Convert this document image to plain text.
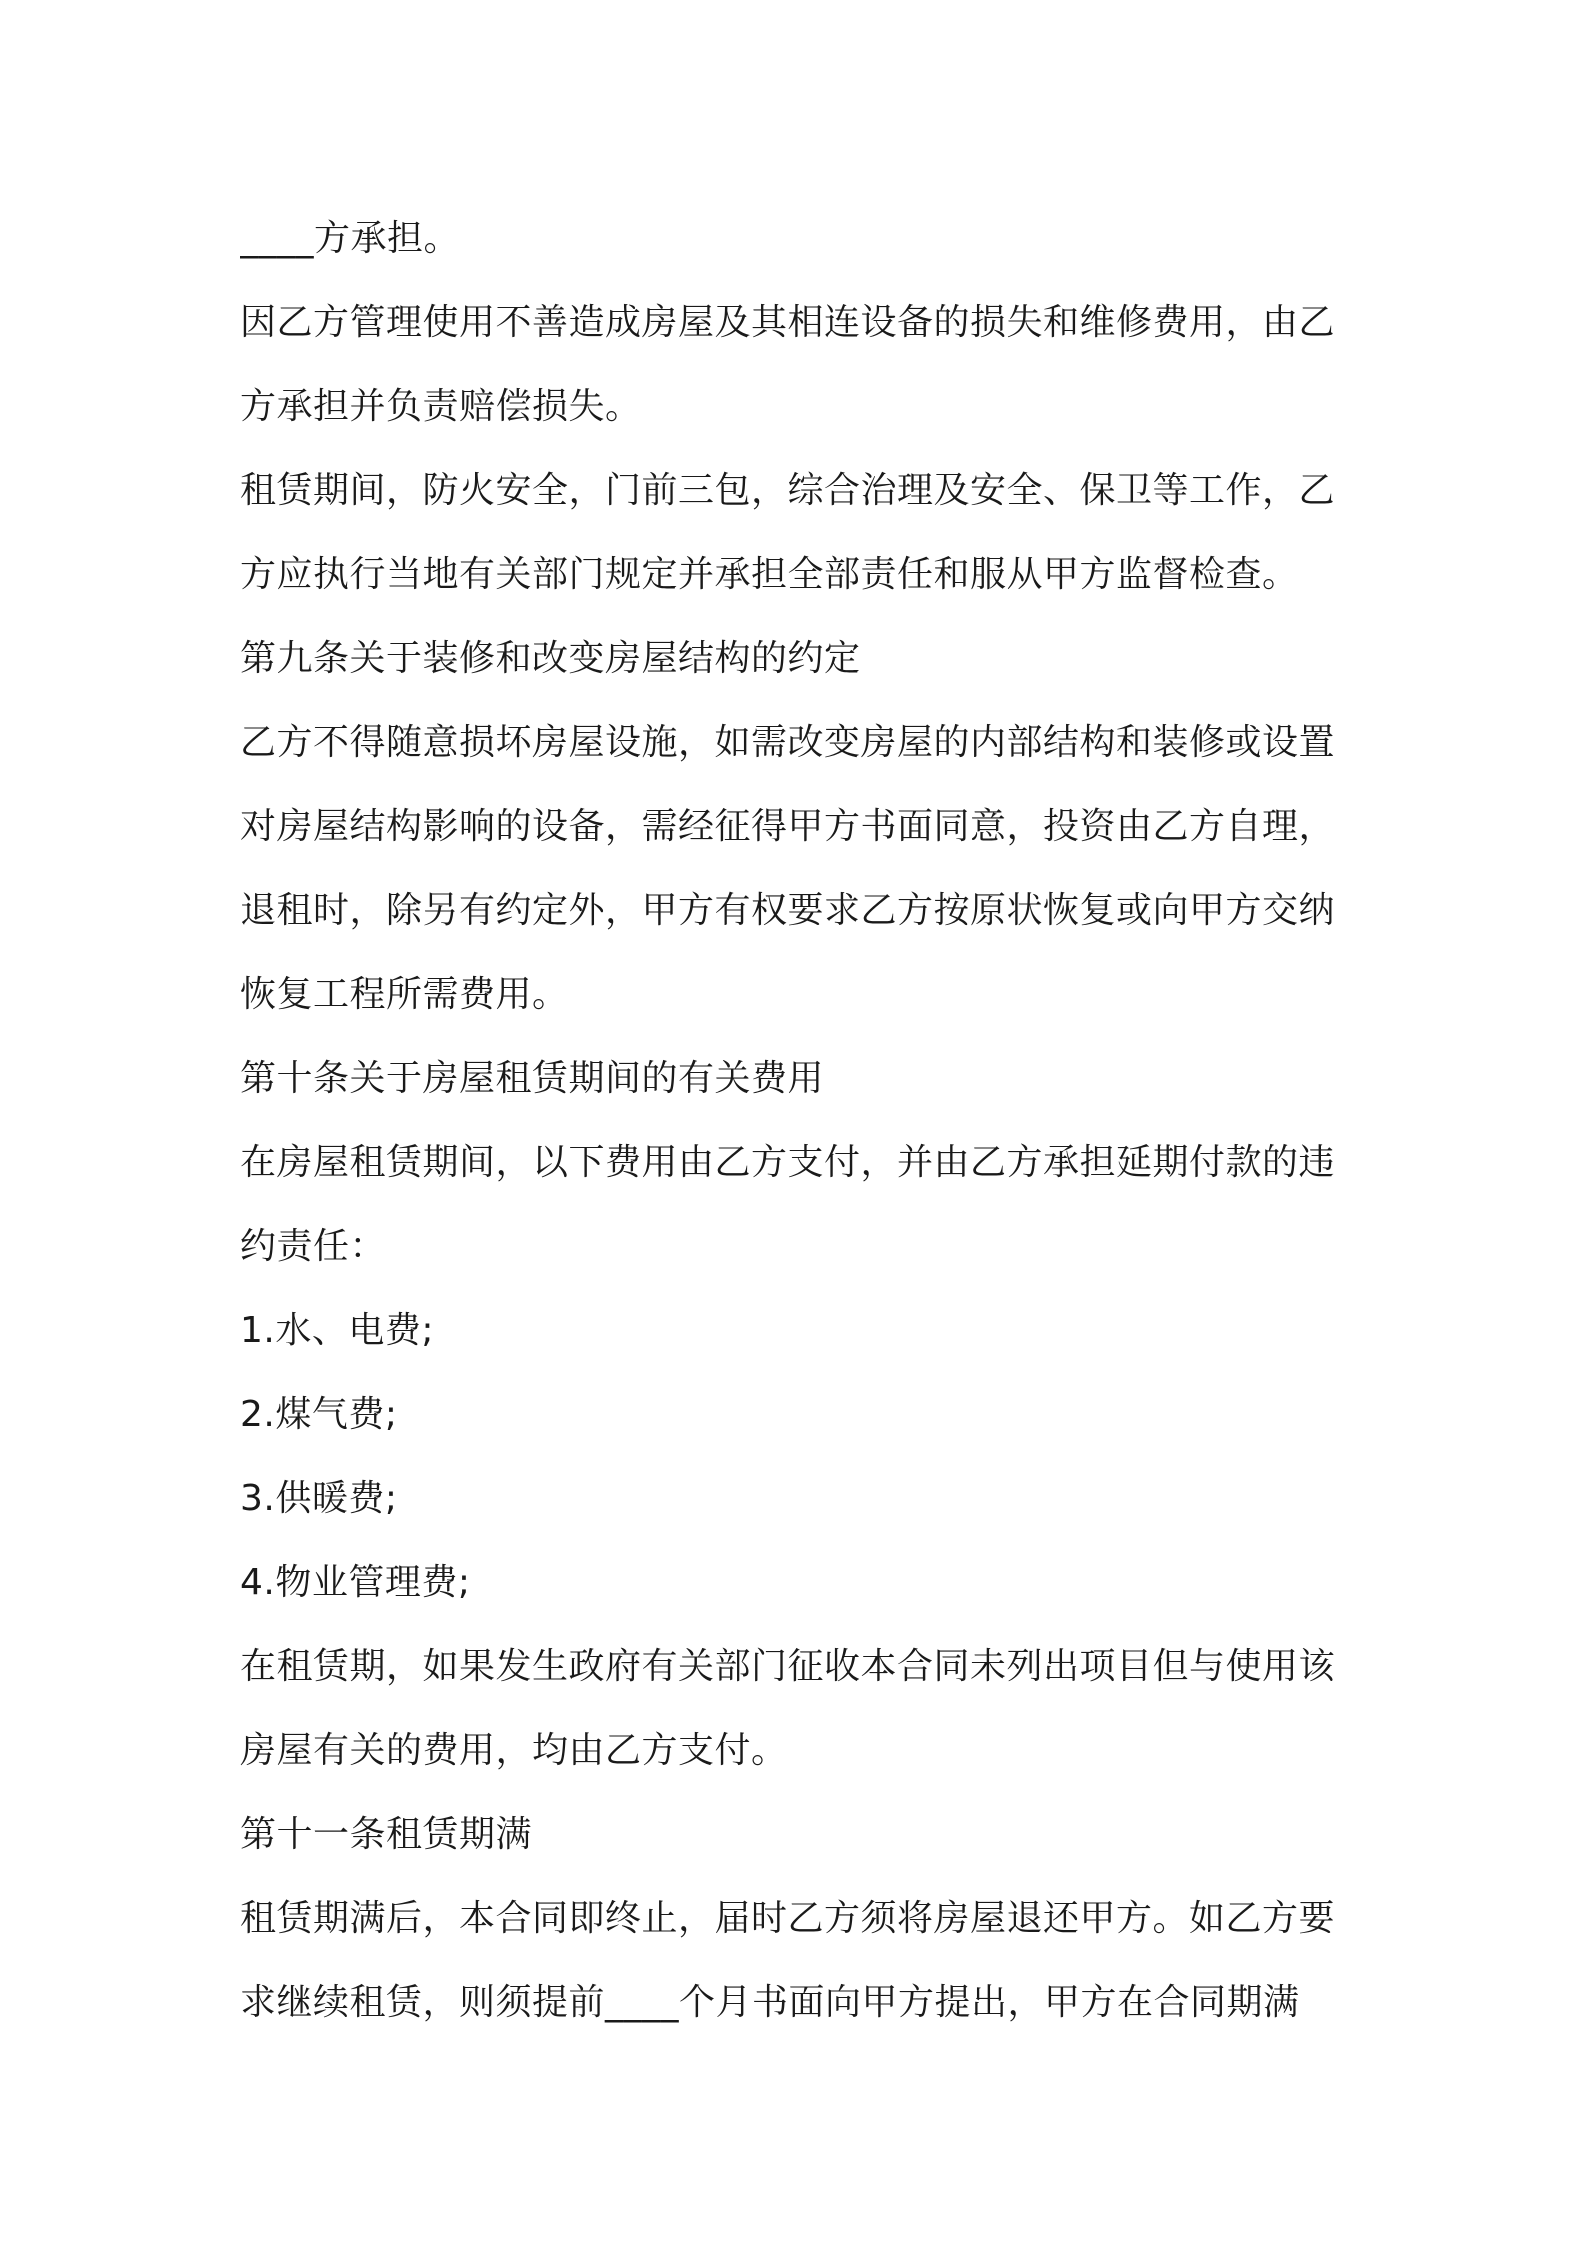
____方承担。
因乙方管理使用不善造成房屋及其相连设备的损失和维修费用，由乙
方承担并负责赔偿损失。
租赁期间，防火安全，门前三包，综合治理及安全、保卫等工作，乙
方应执行当地有关部门规定并承担全部责任和服从甲方监督检查。
第九条关于装修和改变房屋结构的约定
乙方不得随意损坏房屋设施，如需改变房屋的内部结构和装修或设置
对房屋结构影响的设备，需经征得甲方书面同意，投资由乙方自理，
退租时，除另有约定外，甲方有权要求乙方按原状恢复或向甲方交纳
恢复工程所需费用。
第十条关于房屋租赁期间的有关费用
在房屋租赁期间，以下费用由乙方支付，并由乙方承担延期付款的违
约责任：
1.水、电费;
2.煤气费;
3.供暖费;
4.物业管理费;
在租赁期，如果发生政府有关部门征收本合同未列出项目但与使用该
房屋有关的费用，均由乙方支付。
第十一条租赁期满
租赁期满后，本合同即终止，届时乙方须将房屋退还甲方。如乙方要
求继续租赁，则须提前____个月书面向甲方提出，甲方在合同期满
